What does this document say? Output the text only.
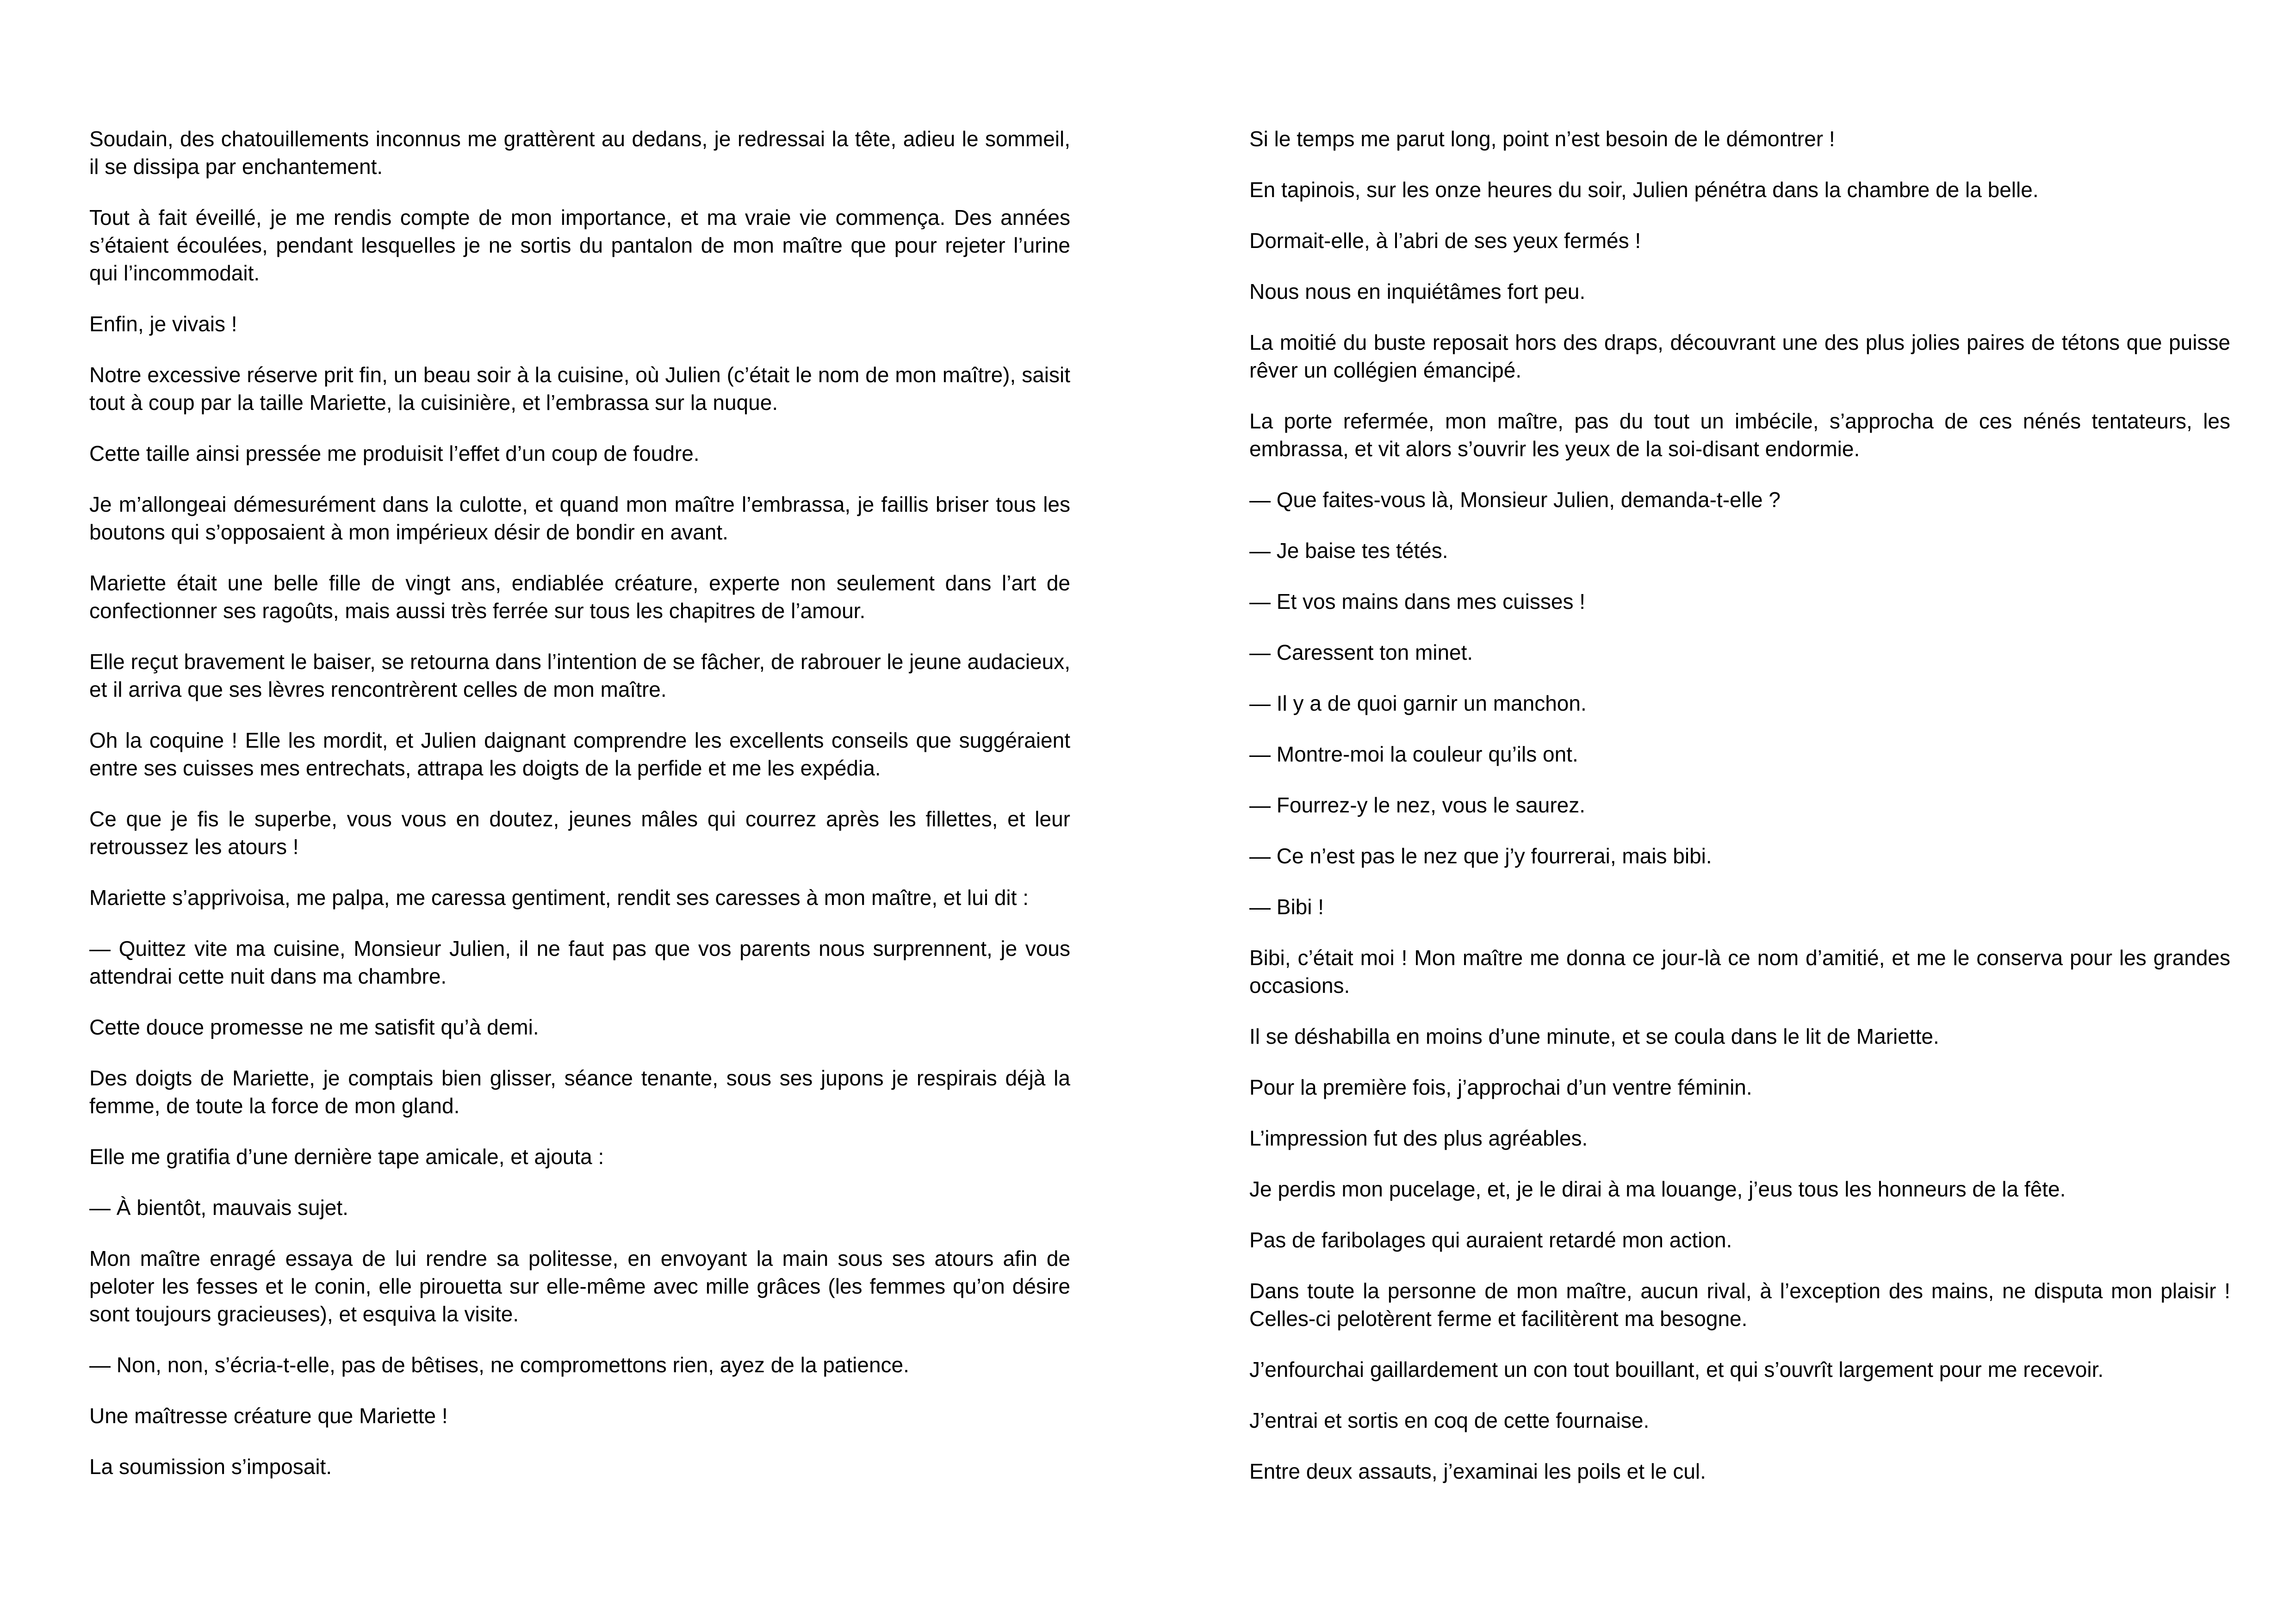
Soudain, des chatouillements inconnus me grattèrent au dedans, je redressai la tête, adieu le sommeil, il se dissipa par enchantement.

Tout à fait éveillé, je me rendis compte de mon importance, et ma vraie vie commença. Des années s’étaient écoulées, pendant lesquelles je ne sortis du pantalon de mon maître que pour rejeter l’urine qui l’incommodait.

Enfin, je vivais !

Notre excessive réserve prit fin, un beau soir à la cuisine, où Julien (c’était le nom de mon maître), saisit tout à coup par la taille Mariette, la cuisinière, et l’embrassa sur la nuque.

Cette taille ainsi pressée me produisit l’effet d’un coup de foudre.

Je m’allongeai démesurément dans la culotte, et quand mon maître l’embrassa, je faillis briser tous les boutons qui s’opposaient à mon impérieux désir de bondir en avant.

Mariette était une belle fille de vingt ans, endiablée créature, experte non seulement dans l’art de confectionner ses ragoûts, mais aussi très ferrée sur tous les chapitres de l’amour.

Elle reçut bravement le baiser, se retourna dans l’intention de se fâcher, de rabrouer le jeune audacieux, et il arriva que ses lèvres rencontrèrent celles de mon maître.

Oh la coquine ! Elle les mordit, et Julien daignant comprendre les excellents conseils que suggéraient entre ses cuisses mes entrechats, attrapa les doigts de la perfide et me les expédia.

Ce que je fis le superbe, vous vous en doutez, jeunes mâles qui courrez après les fillettes, et leur retroussez les atours !

Mariette s’apprivoisa, me palpa, me caressa gentiment, rendit ses caresses à mon maître, et lui dit :

— Quittez vite ma cuisine, Monsieur Julien, il ne faut pas que vos parents nous surprennent, je vous attendrai cette nuit dans ma chambre.

Cette douce promesse ne me satisfit qu’à demi.

Des doigts de Mariette, je comptais bien glisser, séance tenante, sous ses jupons je respirais déjà la femme, de toute la force de mon gland.

Elle me gratifia d’une dernière tape amicale, et ajouta :

— À bientôt, mauvais sujet.

Mon maître enragé essaya de lui rendre sa politesse, en envoyant la main sous ses atours afin de peloter les fesses et le conin, elle pirouetta sur elle-même avec mille grâces (les femmes qu’on désire sont toujours gracieuses), et esquiva la visite.

— Non, non, s’écria-t-elle, pas de bêtises, ne compromettons rien, ayez de la patience.

Une maîtresse créature que Mariette !

La soumission s’imposait.

Si le temps me parut long, point n’est besoin de le démontrer !

En tapinois, sur les onze heures du soir, Julien pénétra dans la chambre de la belle.

Dormait-elle, à l’abri de ses yeux fermés !

Nous nous en inquiétâmes fort peu.

La moitié du buste reposait hors des draps, découvrant une des plus jolies paires de tétons que puisse rêver un collégien émancipé.

La porte refermée, mon maître, pas du tout un imbécile, s’approcha de ces nénés tentateurs, les embrassa, et vit alors s’ouvrir les yeux de la soi-disant endormie.

— Que faites-vous là, Monsieur Julien, demanda-t-elle ?

— Je baise tes tétés.

— Et vos mains dans mes cuisses !

— Caressent ton minet.

— Il y a de quoi garnir un manchon.

— Montre-moi la couleur qu’ils ont.

— Fourrez-y le nez, vous le saurez.

— Ce n’est pas le nez que j’y fourrerai, mais bibi.

— Bibi !

Bibi, c’était moi ! Mon maître me donna ce jour-là ce nom d’amitié, et me le conserva pour les grandes occasions.

Il se déshabilla en moins d’une minute, et se coula dans le lit de Mariette.

Pour la première fois, j’approchai d’un ventre féminin.

L’impression fut des plus agréables.

Je perdis mon pucelage, et, je le dirai à ma louange, j’eus tous les honneurs de la fête.

Pas de faribolages qui auraient retardé mon action.

Dans toute la personne de mon maître, aucun rival, à l’exception des mains, ne disputa mon plaisir ! Celles-ci pelotèrent ferme et facilitèrent ma besogne.

J’enfourchai gaillardement un con tout bouillant, et qui s’ouvrît largement pour me recevoir.

J’entrai et sortis en coq de cette fournaise.

Entre deux assauts, j’examinai les poils et le cul.
